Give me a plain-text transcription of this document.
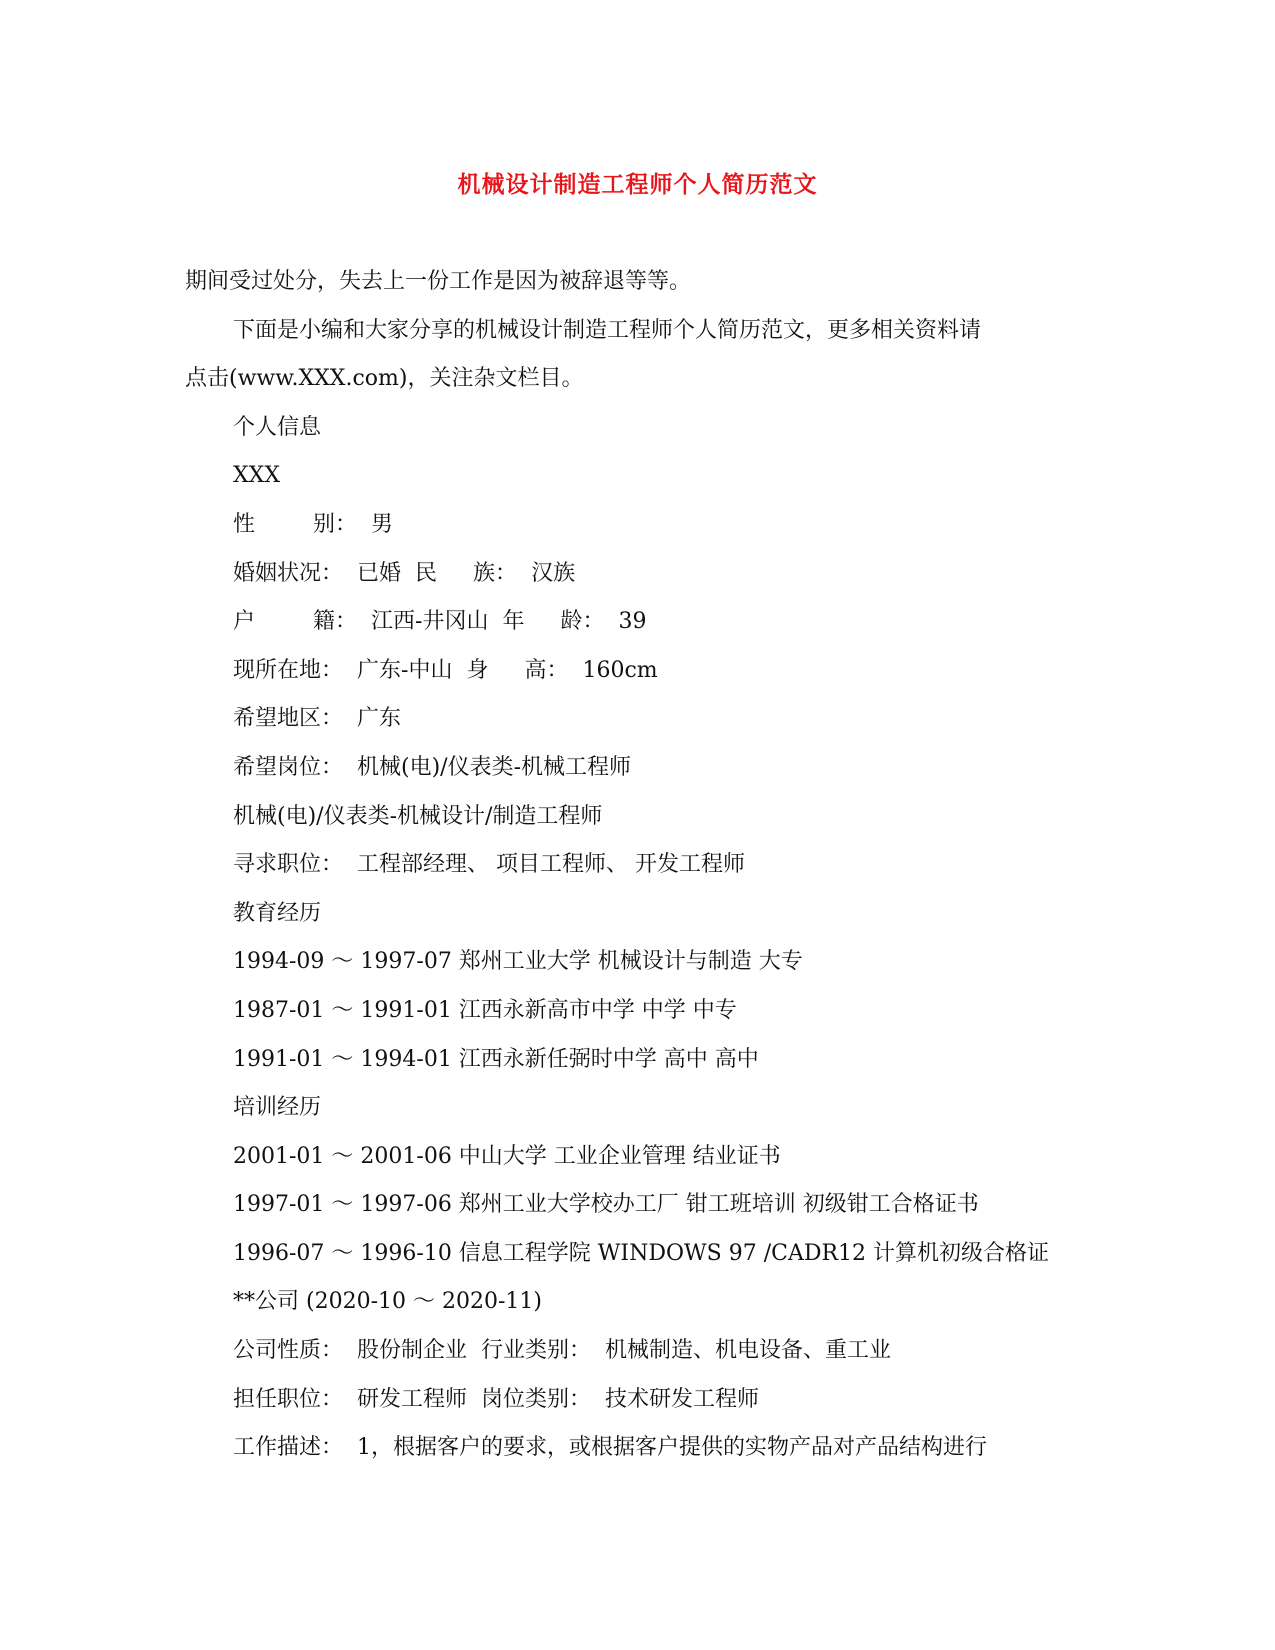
机械设计制造工程师个人简历范文
期间受过处分，失去上一份工作是因为被辞退等等。
下面是小编和大家分享的机械设计制造工程师个人简历范文，更多相关资料请
点击(www.XXX.com)，关注杂文栏目。
个人信息
XXX
性	别： 男
婚姻状况： 已婚 民 族： 汉族
户	籍： 江西-井冈山 年 龄： 39
现所在地： 广东-中山 身 高： 160cm
希望地区： 广东
希望岗位： 机械(电)/仪表类-机械工程师
机械(电)/仪表类-机械设计/制造工程师
寻求职位： 工程部经理、 项目工程师、 开发工程师
教育经历
1994-09 ～ 1997-07 郑州工业大学 机械设计与制造 大专
1987-01 ～ 1991-01 江西永新高市中学 中学 中专
1991-01 ～ 1994-01 江西永新任弼时中学 高中 高中
培训经历
2001-01 ～ 2001-06 中山大学 工业企业管理 结业证书
1997-01 ～ 1997-06 郑州工业大学校办工厂 钳工班培训 初级钳工合格证书
1996-07 ～ 1996-10 信息工程学院 WINDOWS 97 /CADR12 计算机初级合格证
**公司 (2020-10 ～ 2020-11)
公司性质： 股份制企业 行业类别： 机械制造、机电设备、重工业
担任职位： 研发工程师 岗位类别： 技术研发工程师
工作描述： 1，根据客户的要求，或根据客户提供的实物产品对产品结构进行
